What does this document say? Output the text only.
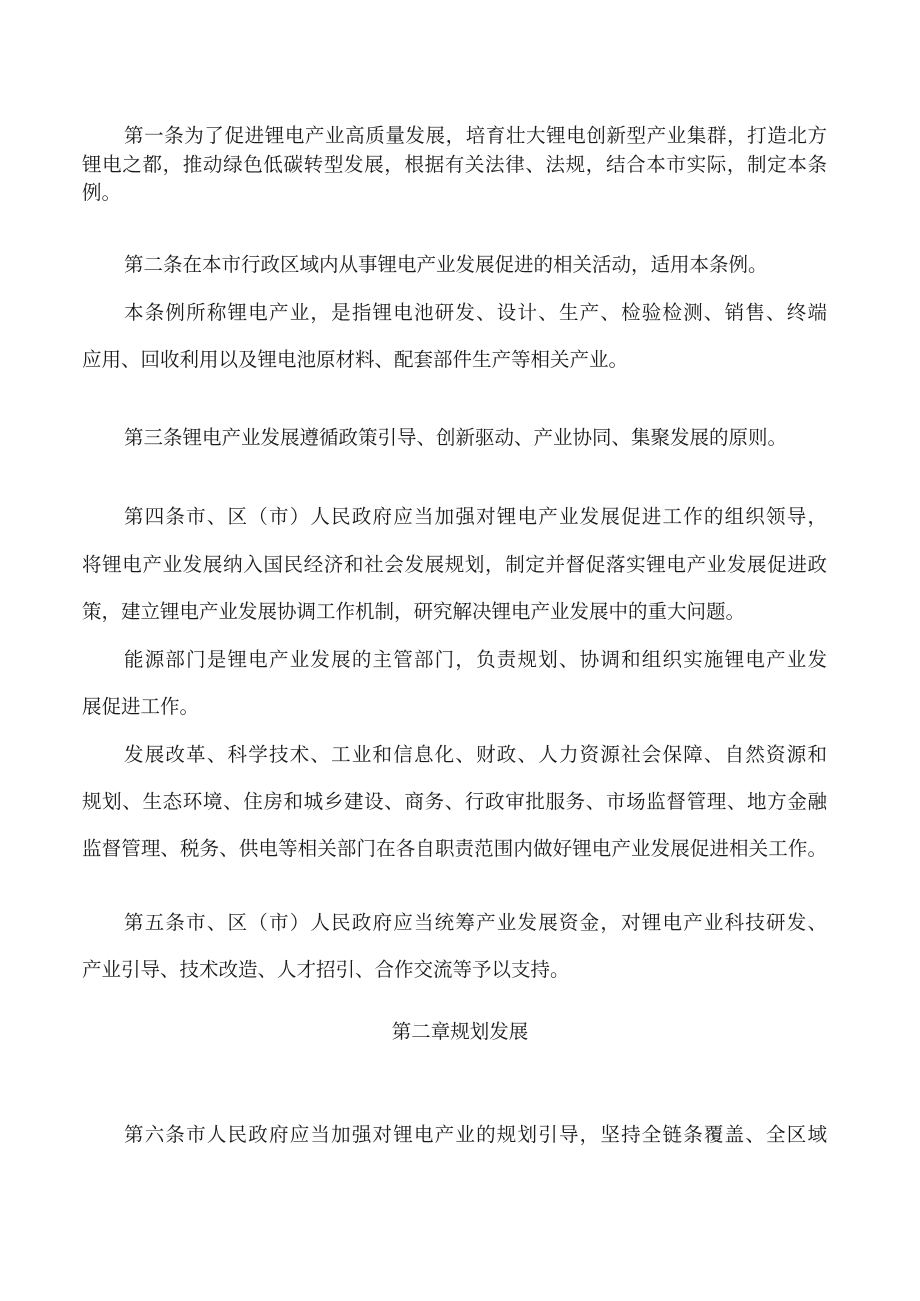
第一条为了促进锂电产业高质量发展，培育壮大锂电创新型产业集群，打造北方
锂电之都，推动绿色低碳转型发展，根据有关法律、法规，结合本市实际，制定本条
例。
第二条在本市行政区域内从事锂电产业发展促进的相关活动，适用本条例。
本条例所称锂电产业，是指锂电池研发、设计、生产、检验检测、销售、终端
应用、回收利用以及锂电池原材料、配套部件生产等相关产业。
第三条锂电产业发展遵循政策引导、创新驱动、产业协同、集聚发展的原则。
第四条市、区（市）人民政府应当加强对锂电产业发展促进工作的组织领导，
将锂电产业发展纳入国民经济和社会发展规划，制定并督促落实锂电产业发展促进政
策，建立锂电产业发展协调工作机制，研究解决锂电产业发展中的重大问题。
能源部门是锂电产业发展的主管部门，负责规划、协调和组织实施锂电产业发
展促进工作。
发展改革、科学技术、工业和信息化、财政、人力资源社会保障、自然资源和
规划、生态环境、住房和城乡建设、商务、行政审批服务、市场监督管理、地方金融
监督管理、税务、供电等相关部门在各自职责范围内做好锂电产业发展促进相关工作。
第五条市、区（市）人民政府应当统筹产业发展资金，对锂电产业科技研发、
产业引导、技术改造、人才招引、合作交流等予以支持。
第二章规划发展
第六条市人民政府应当加强对锂电产业的规划引导，坚持全链条覆盖、全区域
